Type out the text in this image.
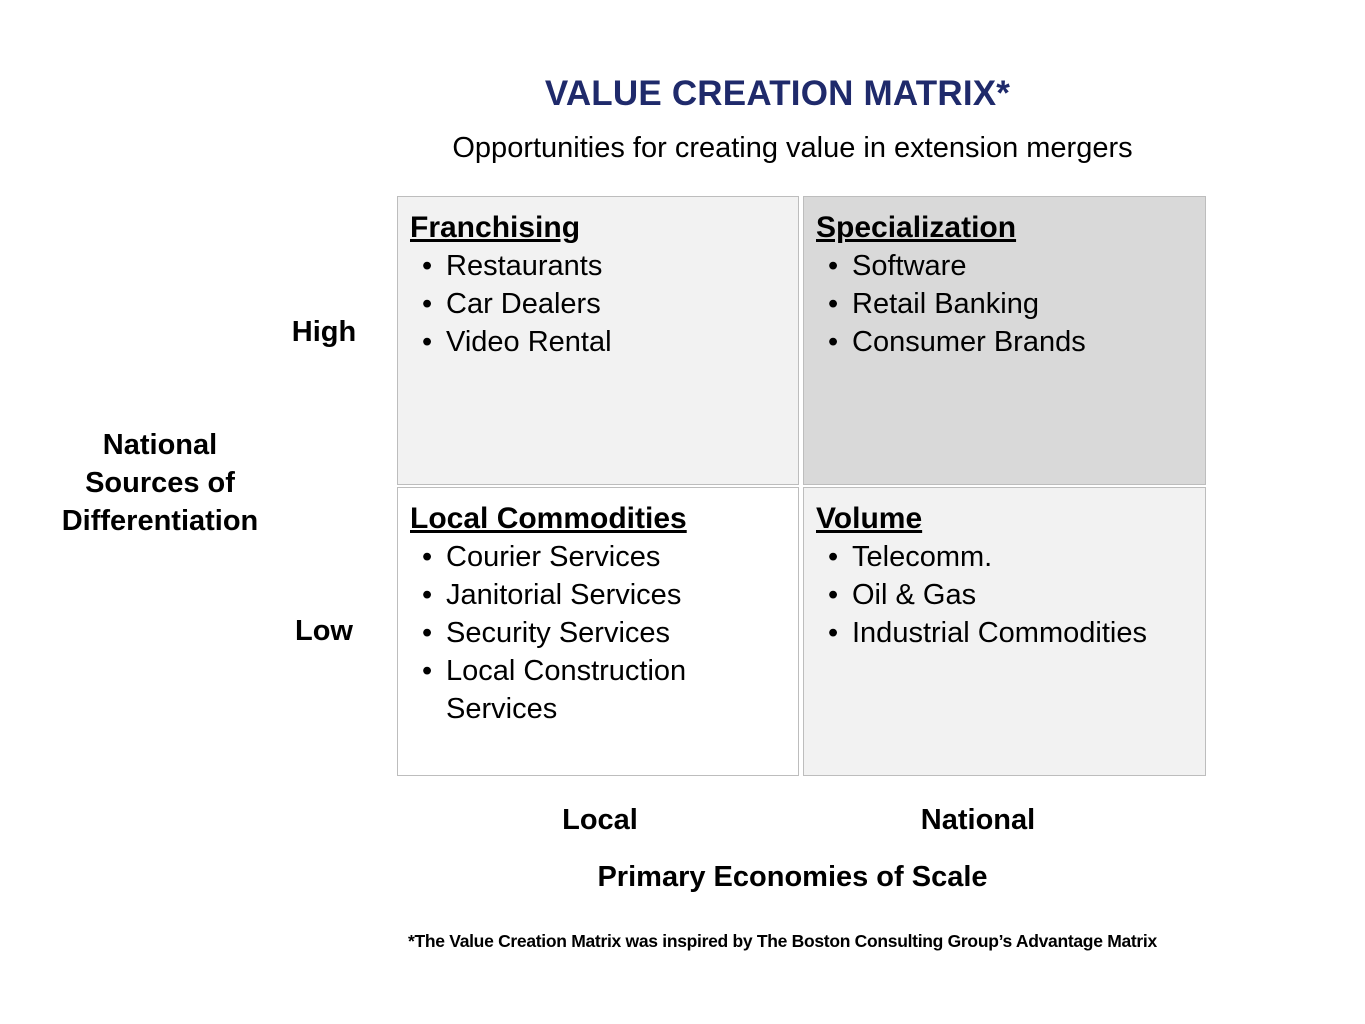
VALUE CREATION MATRIX*
Opportunities for creating value in extension mergers
High
Low
National
Sources of
Differentiation
Franchising
• Restaurants
• Car Dealers
• Video Rental
Specialization
• Software
• Retail Banking
• Consumer Brands
Local Commodities
• Courier Services
• Janitorial Services
• Security Services
• Local Construction Services
Volume
• Telecomm.
• Oil & Gas
• Industrial Commodities
Local	National
Primary Economies of Scale
*The Value Creation Matrix was inspired by The Boston Consulting Group’s Advantage Matrix
